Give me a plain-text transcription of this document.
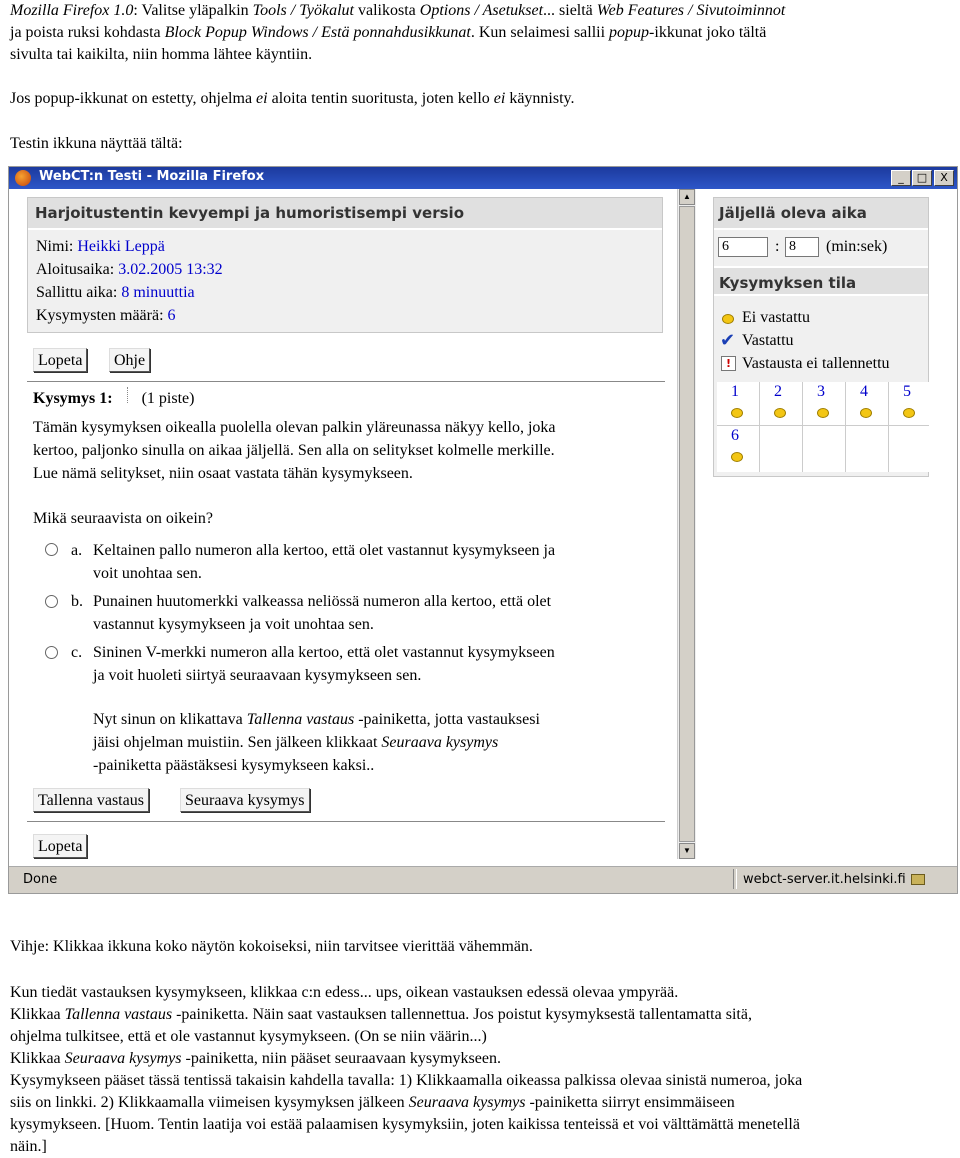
Mozilla Firefox 1.0: Valitse yläpalkin Tools / Työkalut valikosta Options / Asetukset... sieltä Web Features / Sivutoiminnot
ja poista ruksi kohdasta Block Popup Windows / Estä ponnahdusikkunat. Kun selaimesi sallii popup-ikkunat joko tältä
sivulta tai kaikilta, niin homma lähtee käyntiin.
Jos popup-ikkunat on estetty, ohjelma ei aloita tentin suoritusta, joten kello ei käynnisty.
Testin ikkuna näyttää tältä:
WebCT:n Testi - Mozilla Firefox	_	□	X
Harjoitustentin kevyempi ja humoristisempi versio
Nimi: Heikki Leppä
Aloitusaika: 3.02.2005 13:32
Sallittu aika: 8 minuuttia
Kysymysten määrä: 6
Lopeta	Ohje
Kysymys 1: (1 piste)
Tämän kysymyksen oikealla puolella olevan palkin yläreunassa näkyy kello, joka
kertoo, paljonko sinulla on aikaa jäljellä. Sen alla on selitykset kolmelle merkille.
Lue nämä selitykset, niin osaat vastata tähän kysymykseen.
Mikä seuraavista on oikein?
a. Keltainen pallo numeron alla kertoo, että olet vastannut kysymykseen ja
voit unohtaa sen.
b. Punainen huutomerkki valkeassa neliössä numeron alla kertoo, että olet
vastannut kysymykseen ja voit unohtaa sen.
c. Sininen V-merkki numeron alla kertoo, että olet vastannut kysymykseen
ja voit huoleti siirtyä seuraavaan kysymykseen sen.
Nyt sinun on klikattava Tallenna vastaus -painiketta, jotta vastauksesi
jäisi ohjelman muistiin. Sen jälkeen klikkaat Seuraava kysymys
-painiketta päästäksesi kysymykseen kaksi..
Tallenna vastaus	Seuraava kysymys
Lopeta
▲
▼
Jäljellä oleva aika
6	: 8	(min:sek)
Kysymyksen tila
Ei vastattu
✔ Vastattu
! Vastausta ei tallennettu
1 2 3 4 5
6
Done	webct-server.it.helsinki.fi
Vihje: Klikkaa ikkuna koko näytön kokoiseksi, niin tarvitsee vierittää vähemmän.
Kun tiedät vastauksen kysymykseen, klikkaa c:n edess... ups, oikean vastauksen edessä olevaa ympyrää.
Klikkaa Tallenna vastaus -painiketta. Näin saat vastauksen tallennettua. Jos poistut kysymyksestä tallentamatta sitä,
ohjelma tulkitsee, että et ole vastannut kysymykseen. (On se niin väärin...)
Klikkaa Seuraava kysymys -painiketta, niin pääset seuraavaan kysymykseen.
Kysymykseen pääset tässä tentissä takaisin kahdella tavalla: 1) Klikkaamalla oikeassa palkissa olevaa sinistä numeroa, joka
siis on linkki. 2) Klikkaamalla viimeisen kysymyksen jälkeen Seuraava kysymys -painiketta siirryt ensimmäiseen
kysymykseen. [Huom. Tentin laatija voi estää palaamisen kysymyksiin, joten kaikissa tenteissä et voi välttämättä menetellä
näin.]
